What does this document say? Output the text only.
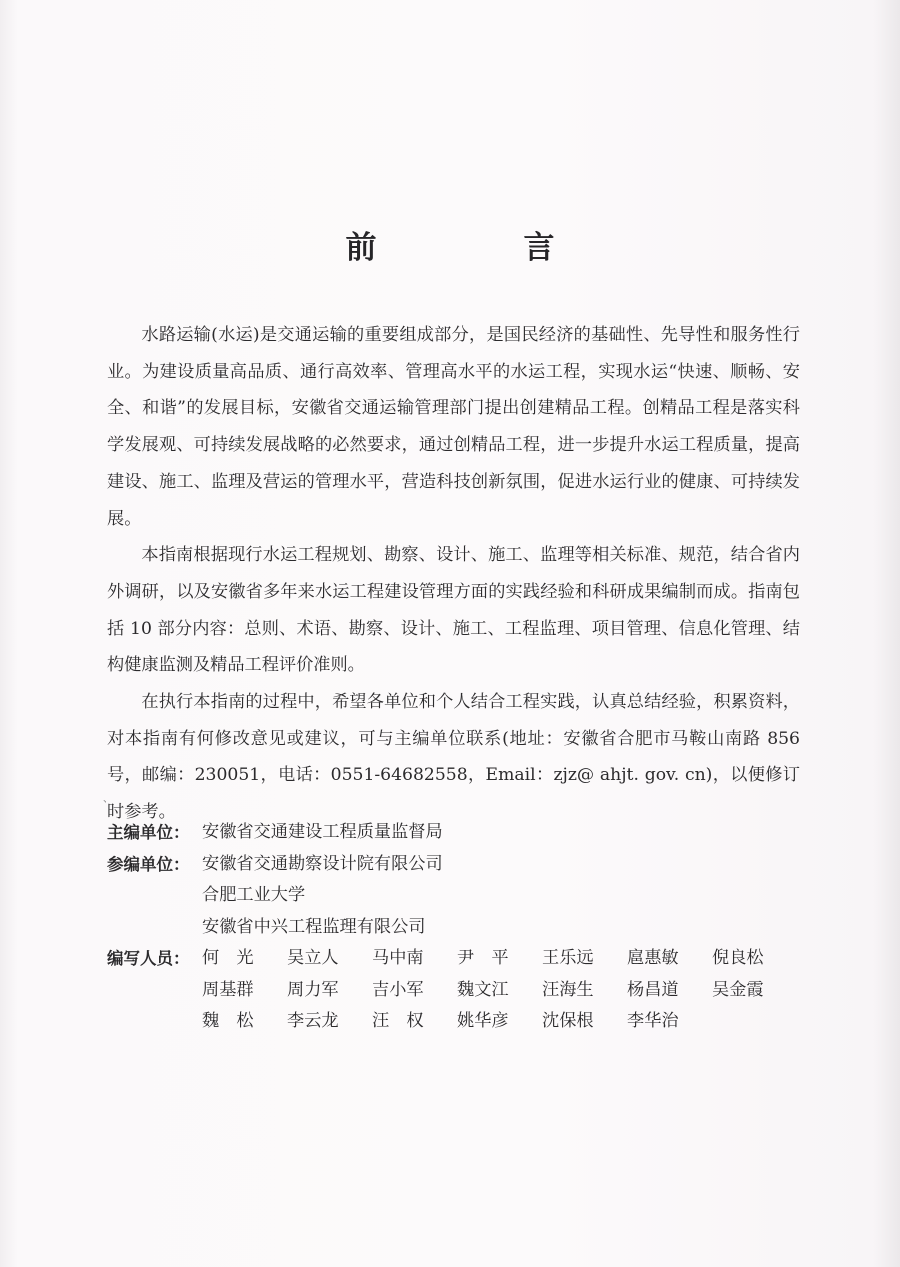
前　言

水路运输(水运)是交通运输的重要组成部分，是国民经济的基础性、先导性和服务性行业。为建设质量高品质、通行高效率、管理高水平的水运工程，实现水运“快速、顺畅、安全、和谐”的发展目标，安徽省交通运输管理部门提出创建精品工程。创精品工程是落实科学发展观、可持续发展战略的必然要求，通过创精品工程，进一步提升水运工程质量，提高建设、施工、监理及营运的管理水平，营造科技创新氛围，促进水运行业的健康、可持续发展。

本指南根据现行水运工程规划、勘察、设计、施工、监理等相关标准、规范，结合省内外调研，以及安徽省多年来水运工程建设管理方面的实践经验和科研成果编制而成。指南包括 10 部分内容：总则、术语、勘察、设计、施工、工程监理、项目管理、信息化管理、结构健康监测及精品工程评价准则。

在执行本指南的过程中，希望各单位和个人结合工程实践，认真总结经验，积累资料，对本指南有何修改意见或建议，可与主编单位联系(地址：安徽省合肥市马鞍山南路 856 号，邮编：230051，电话：0551-64682558，Email：zjz@ ahjt. gov. cn)，以便修订时参考。

、
主编单位： 安徽省交通建设工程质量监督局
参编单位： 安徽省交通勘察设计院有限公司
合肥工业大学
安徽省中兴工程监理有限公司
编写人员： 何　光	吴立人	马中南	尹　平	王乐远	扈惠敏	倪良松
周基群	周力军	吉小军	魏文江	汪海生	杨昌道	吴金霞
魏　松	李云龙	汪　权	姚华彦	沈保根	李华治
